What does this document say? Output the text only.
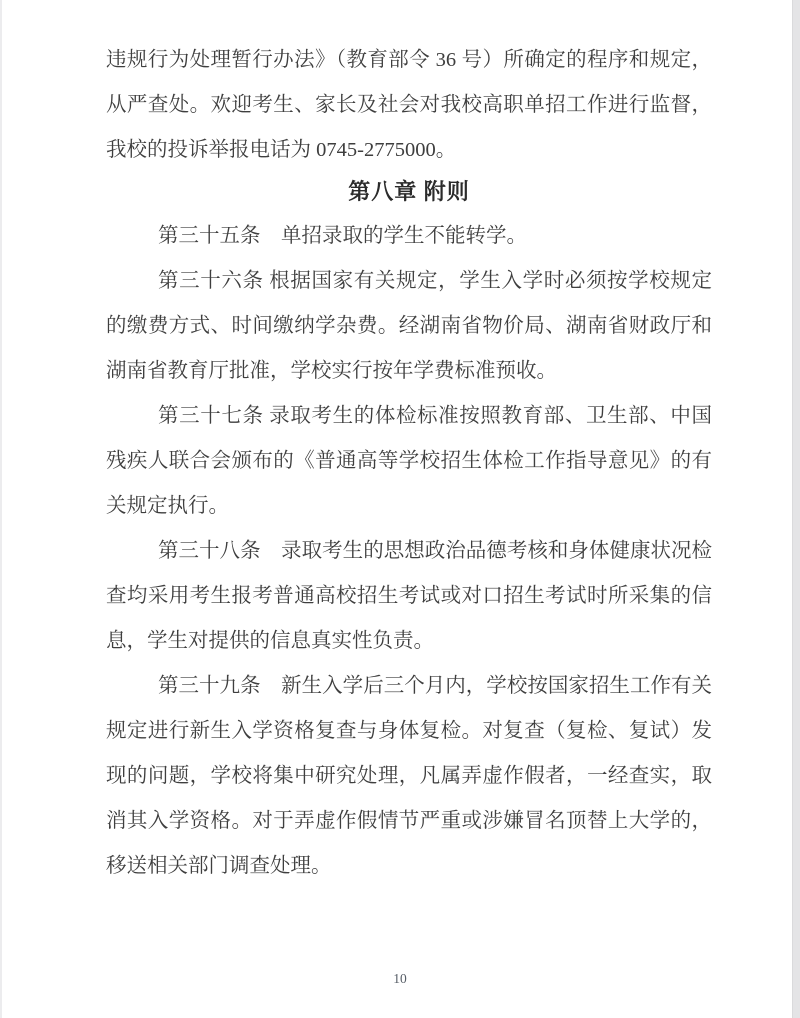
违规行为处理暂行办法》（教育部令 36 号）所确定的程序和规定，从严查处。欢迎考生、家长及社会对我校高职单招工作进行监督，我校的投诉举报电话为 0745-2775000。

第八章 附则

第三十五条　单招录取的学生不能转学。

第三十六条 根据国家有关规定，学生入学时必须按学校规定的缴费方式、时间缴纳学杂费。经湖南省物价局、湖南省财政厅和湖南省教育厅批准，学校实行按年学费标准预收。

第三十七条 录取考生的体检标准按照教育部、卫生部、中国残疾人联合会颁布的《普通高等学校招生体检工作指导意见》的有关规定执行。

第三十八条　录取考生的思想政治品德考核和身体健康状况检查均采用考生报考普通高校招生考试或对口招生考试时所采集的信息，学生对提供的信息真实性负责。

第三十九条　新生入学后三个月内，学校按国家招生工作有关规定进行新生入学资格复查与身体复检。对复查（复检、复试）发现的问题，学校将集中研究处理，凡属弄虚作假者，一经查实，取消其入学资格。对于弄虚作假情节严重或涉嫌冒名顶替上大学的，移送相关部门调查处理。

10
